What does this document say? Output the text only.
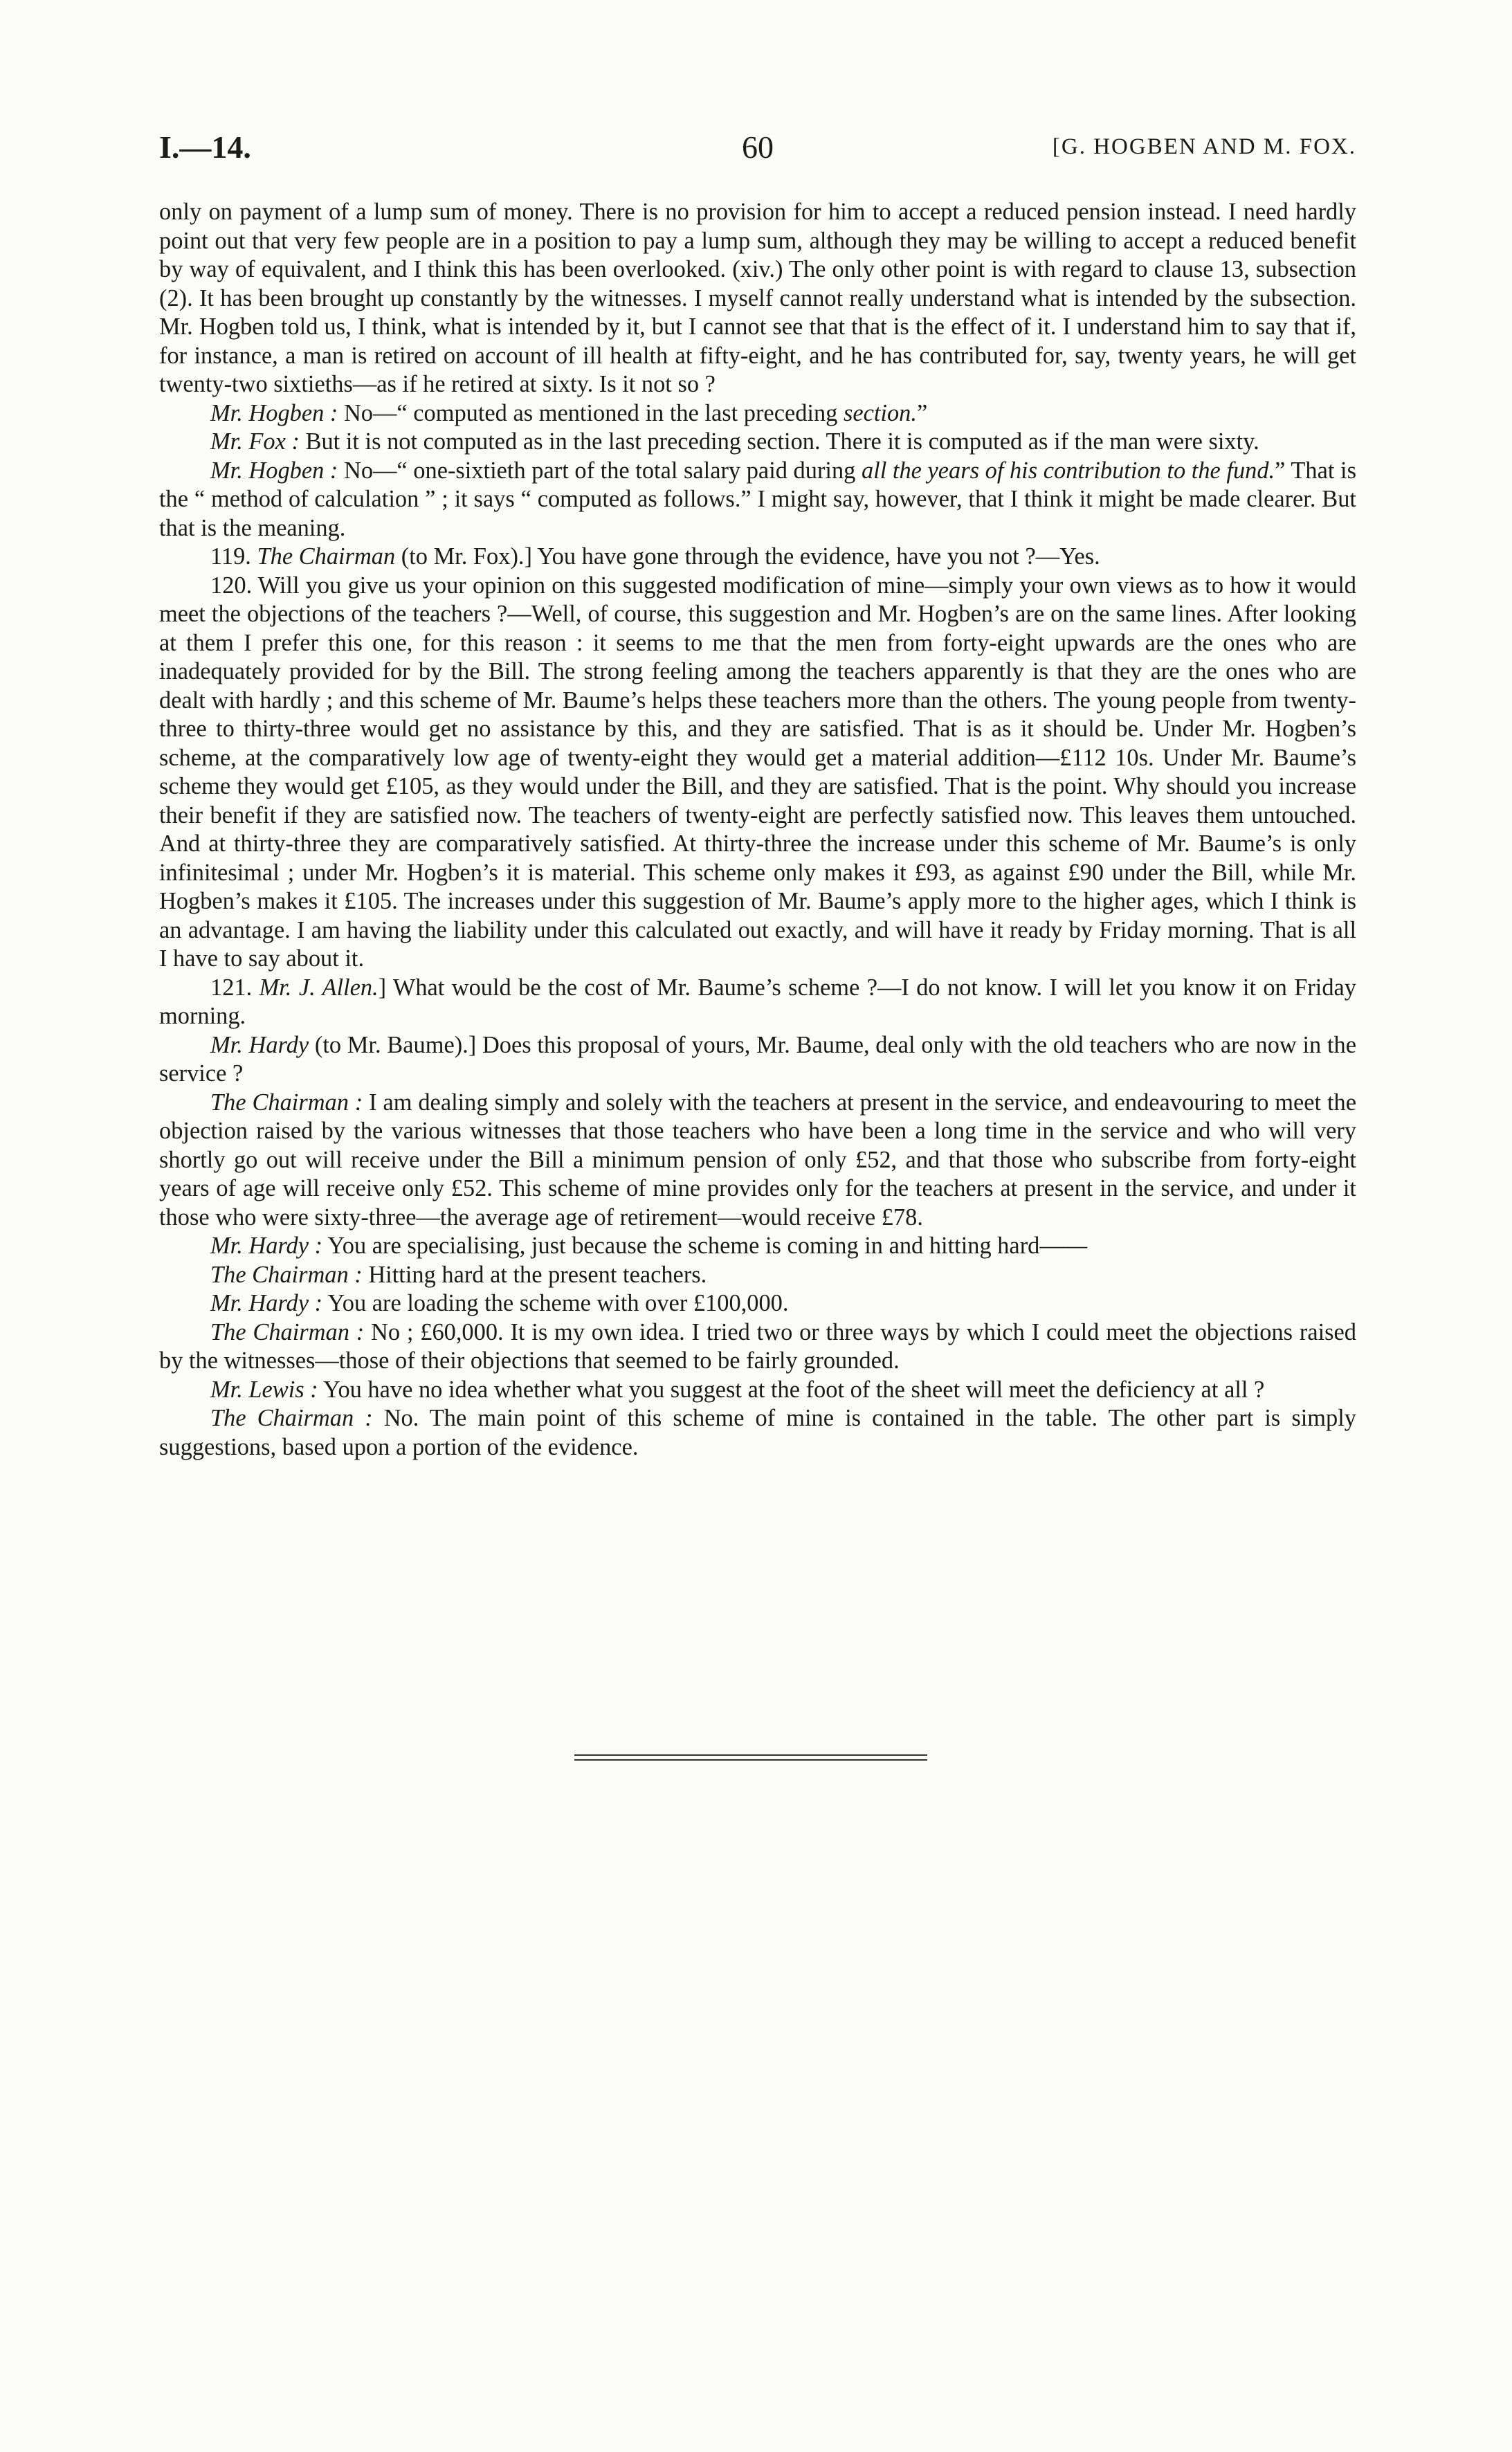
I.—14.	60	[G. HOGBEN AND M. FOX.

only on payment of a lump sum of money. There is no provision for him to accept a reduced pension instead. I need hardly point out that very few people are in a position to pay a lump sum, although they may be willing to accept a reduced benefit by way of equivalent, and I think this has been overlooked. (xiv.) The only other point is with regard to clause 13, subsection (2). It has been brought up constantly by the witnesses. I myself cannot really understand what is intended by the subsection. Mr. Hogben told us, I think, what is intended by it, but I cannot see that that is the effect of it. I understand him to say that if, for instance, a man is retired on account of ill health at fifty-eight, and he has contributed for, say, twenty years, he will get twenty-two sixtieths—as if he retired at sixty. Is it not so ?

Mr. Hogben : No—“ computed as mentioned in the last preceding section.”

Mr. Fox : But it is not computed as in the last preceding section. There it is computed as if the man were sixty.

Mr. Hogben : No—“ one-sixtieth part of the total salary paid during all the years of his contribution to the fund.” That is the “ method of calculation ” ; it says “ computed as follows.” I might say, however, that I think it might be made clearer. But that is the meaning.

119. The Chairman (to Mr. Fox).] You have gone through the evidence, have you not ?—Yes.

120. Will you give us your opinion on this suggested modification of mine—simply your own views as to how it would meet the objections of the teachers ?—Well, of course, this suggestion and Mr. Hogben’s are on the same lines. After looking at them I prefer this one, for this reason : it seems to me that the men from forty-eight upwards are the ones who are inadequately provided for by the Bill. The strong feeling among the teachers apparently is that they are the ones who are dealt with hardly ; and this scheme of Mr. Baume’s helps these teachers more than the others. The young people from twenty-three to thirty-three would get no assistance by this, and they are satisfied. That is as it should be. Under Mr. Hogben’s scheme, at the comparatively low age of twenty-eight they would get a material addition—£112 10s. Under Mr. Baume’s scheme they would get £105, as they would under the Bill, and they are satisfied. That is the point. Why should you increase their benefit if they are satisfied now. The teachers of twenty-eight are perfectly satisfied now. This leaves them untouched. And at thirty-three they are comparatively satisfied. At thirty-three the increase under this scheme of Mr. Baume’s is only infinitesimal ; under Mr. Hogben’s it is material. This scheme only makes it £93, as against £90 under the Bill, while Mr. Hogben’s makes it £105. The increases under this suggestion of Mr. Baume’s apply more to the higher ages, which I think is an advantage. I am having the liability under this calculated out exactly, and will have it ready by Friday morning. That is all I have to say about it.

121. Mr. J. Allen.] What would be the cost of Mr. Baume’s scheme ?—I do not know. I will let you know it on Friday morning.

Mr. Hardy (to Mr. Baume).] Does this proposal of yours, Mr. Baume, deal only with the old teachers who are now in the service ?

The Chairman : I am dealing simply and solely with the teachers at present in the service, and endeavouring to meet the objection raised by the various witnesses that those teachers who have been a long time in the service and who will very shortly go out will receive under the Bill a minimum pension of only £52, and that those who subscribe from forty-eight years of age will receive only £52. This scheme of mine provides only for the teachers at present in the service, and under it those who were sixty-three—the average age of retirement—would receive £78.

Mr. Hardy : You are specialising, just because the scheme is coming in and hitting hard——

The Chairman : Hitting hard at the present teachers.

Mr. Hardy : You are loading the scheme with over £100,000.

The Chairman : No ; £60,000. It is my own idea. I tried two or three ways by which I could meet the objections raised by the witnesses—those of their objections that seemed to be fairly grounded.

Mr. Lewis : You have no idea whether what you suggest at the foot of the sheet will meet the deficiency at all ?

The Chairman : No. The main point of this scheme of mine is contained in the table. The other part is simply suggestions, based upon a portion of the evidence.
